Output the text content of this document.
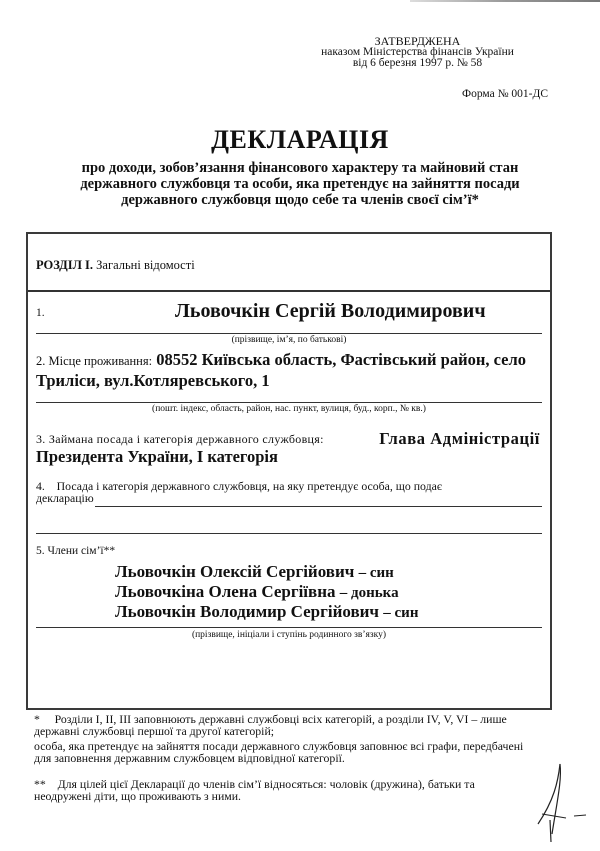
ЗАТВЕРДЖЕНА
наказом Міністерства фінансів України
від 6 березня 1997 р. № 58
Форма № 001-ДС
ДЕКЛАРАЦІЯ
про доходи, зобов’язання фінансового характеру та майновий стан
державного службовця та особи, яка претендує на зайняття посади
державного службовця щодо себе та членів своєї сім’ї*
РОЗДІЛ І. Загальні відомості
1.	Льовочкін Сергій Володимирович
(прізвище, ім’я, по батькові)
2. Місце проживання: 08552 Київська область, Фастівський район, село
Триліси, вул.Котляревського, 1
(пошт. індекс, область, район, нас. пункт, вулиця, буд., корп., № кв.)
3. Займана посада і категорія державного службовця:	Глава Адміністрації

Президента України, І категорія
4.    Посада і категорія державного службовця, на яку претендує особа, що подає
декларацію
5. Члени сім’ї**
Льовочкін Олексій Сергійович – син
Льовочкіна Олена Сергіївна – донька
Льовочкін Володимир Сергійович – син
(прізвище, ініціали і ступінь родинного зв’язку)
*     Розділи І, ІІ, ІІІ заповнюють державні службовці всіх категорій, а розділи IV, V, VI – лише
державні службовці першої та другої категорій;
особа, яка претендує на зайняття посади державного службовця заповнює всі графи, передбачені
для заповнення державним службовцем відповідної категорії.
**    Для цілей цієї Декларації до членів сім’ї відносяться: чоловік (дружина), батьки та
неодружені діти, що проживають з ними.
